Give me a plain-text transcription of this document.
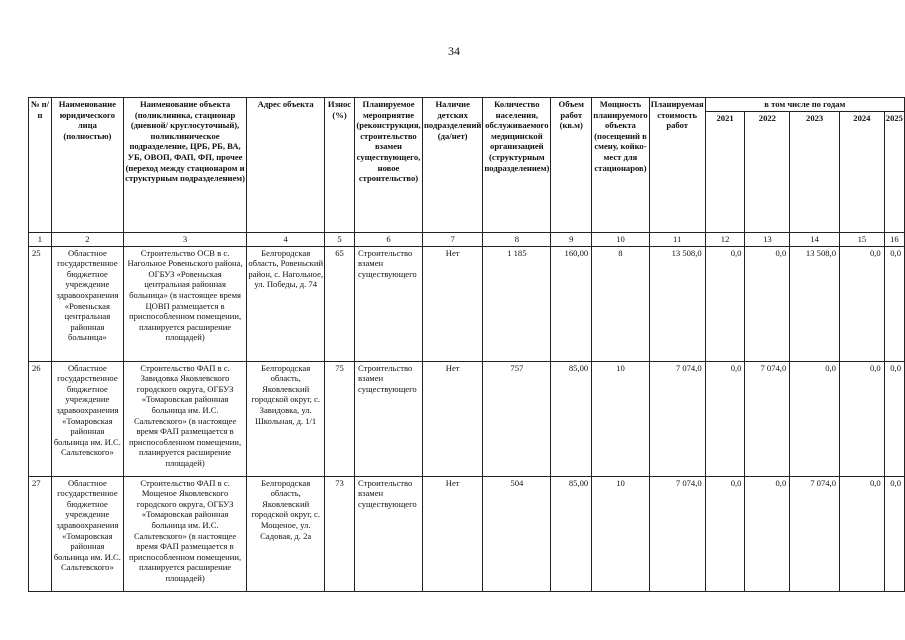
34
№ п/п	Наименование юридического лица (полностью)	Наименование объекта (поликлиника, стационар (дневной/ круглосуточный), поликлиническое подразделение, ЦРБ, РБ, ВА, УБ, ОВОП, ФАП, ФП, прочее (переход между стационаром и структурным подразделением)	Адрес объекта	Износ (%)	Планируемое мероприятие (реконструкция, строительство взамен существующего, новое строительство)	Наличие детских подразделений (да/нет)	Количество населения, обслуживаемого медицинской организацией (структурным подразделением)	Объем работ (кв.м)	Мощность планируемого объекта (посещений в смену, койко-мест для стационаров)	Планируемая стоимость работ	в том числе по годам				
											2021	2022	2023	2024	2025
1	2	3	4	5	6	7	8	9	10	11	12	13	14	15	16
25	Областное государственное бюджетное учреждение здравоохранения «Ровеньская центральная районная больница»	Строительство ОСВ в с. Нагольное Ровеньского района, ОГБУЗ «Ровеньская центральная районная больница» (в настоящее время ЦОВП размещается в приспособленном помещении, планируется расширение площадей)	Белгородская область, Ровеньский район, с. Нагольное, ул. Победы, д. 74	65	Строительство взамен существующего	Нет	1 185	160,00	8	13 508,0	0,0	0,0	13 508,0	0,0	0,0
26	Областное государственное бюджетное учреждение здравоохранения «Томаровская районная больница им. И.С. Сальтевского»	Строительство ФАП в с. Завидовка Яковлевского городского округа, ОГБУЗ «Томаровская районная больница им. И.С. Сальтевского» (в настоящее время ФАП размещается в приспособленном помещении, планируется расширение площадей)	Белгородская область, Яковлевский городской округ, с. Завидовка, ул. Школьная, д. 1/1	75	Строительство взамен существующего	Нет	757	85,00	10	7 074,0	0,0	7 074,0	0,0	0,0	0,0
27	Областное государственное бюджетное учреждение здравоохранения «Томаровская районная больница им. И.С. Сальтевского»	Строительство ФАП в с. Мощеное Яковлевского городского округа, ОГБУЗ «Томаровская районная больница им. И.С. Сальтевского» (в настоящее время ФАП размещается в приспособленном помещении, планируется расширение площадей)	Белгородская область, Яковлевский городской округ, с. Мощеное, ул. Садовая, д. 2а	73	Строительство взамен существующего	Нет	504	85,00	10	7 074,0	0,0	0,0	7 074,0	0,0	0,0
